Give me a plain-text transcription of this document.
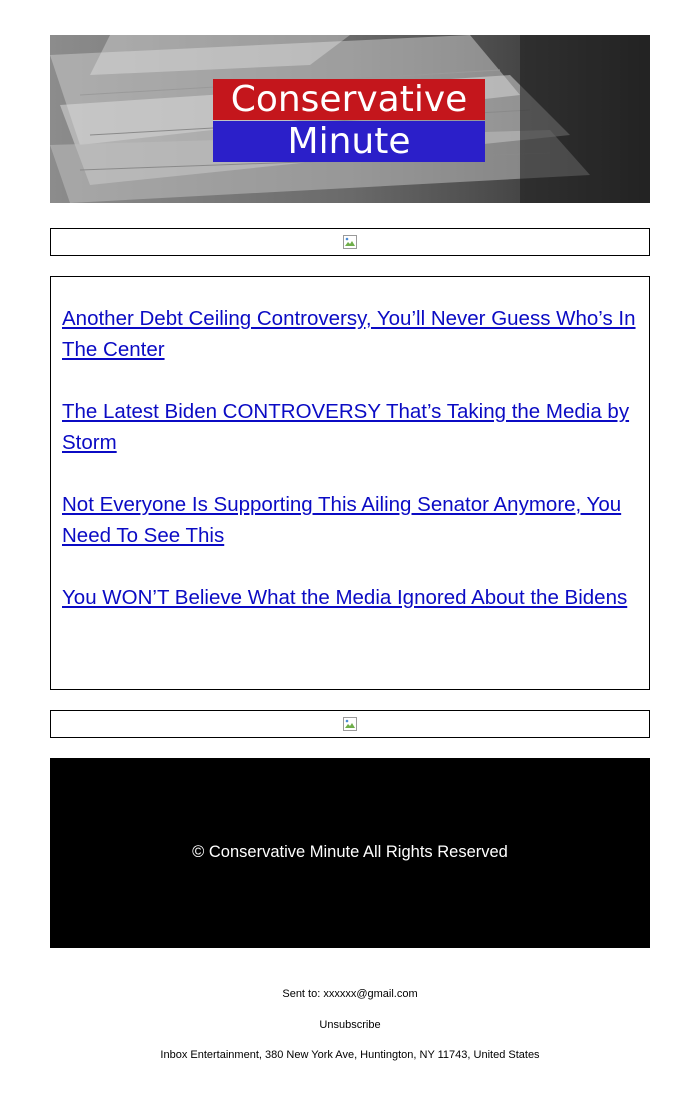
Conservative
Minute
Another Debt Ceiling Controversy, You’ll Never Guess Who’s In The Center
The Latest Biden CONTROVERSY That’s Taking the Media by Storm
Not Everyone Is Supporting This Ailing Senator Anymore, You Need To See This
You WON’T Believe What the Media Ignored About the Bidens
© Conservative Minute All Rights Reserved
Sent to: xxxxxx@gmail.com
Unsubscribe
Inbox Entertainment, 380 New York Ave, Huntington, NY 11743, United States
